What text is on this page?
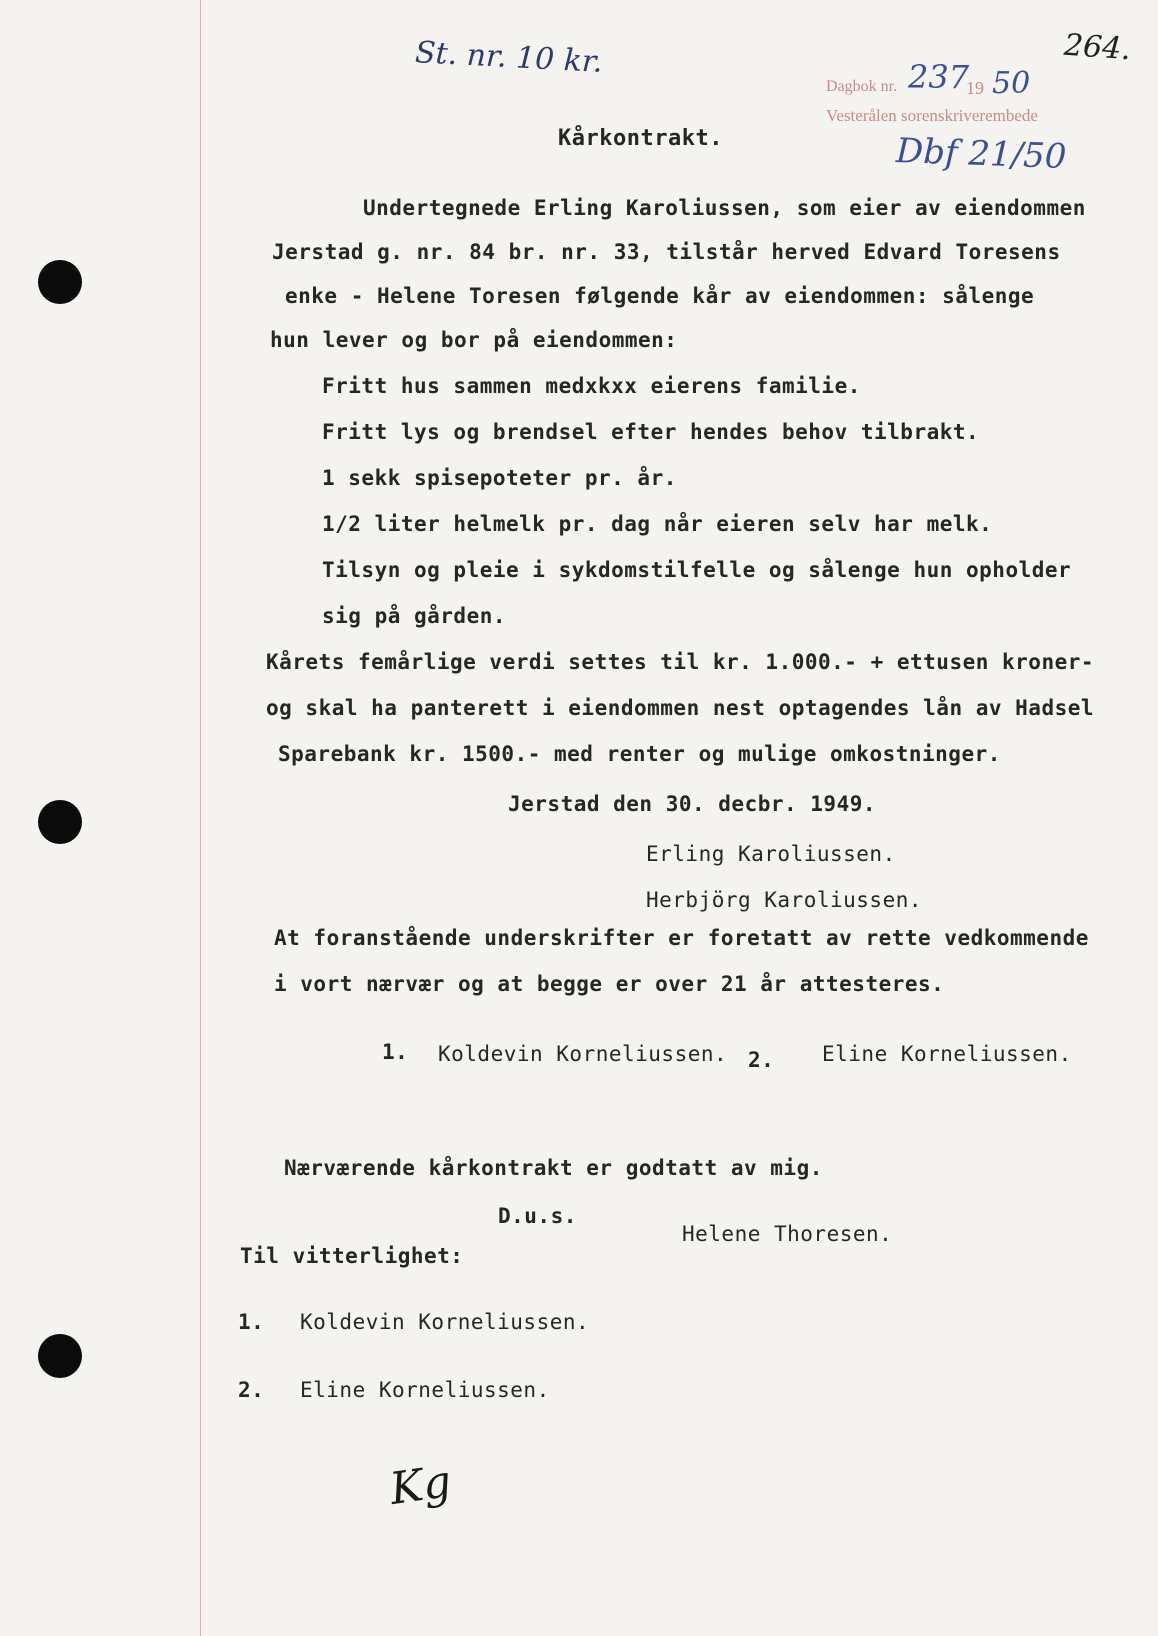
St. nr. 10 kr.	264.
Dagbok nr. 237
19 50
Vesterålen sorenskriverembede
Dbf 21/50
Kårkontrakt.
Undertegnede Erling Karoliussen, som eier av eiendommen
Jerstad g. nr. 84 br. nr. 33, tilstår herved Edvard Toresens
enke - Helene Toresen følgende kår av eiendommen: sålenge
hun lever og bor på eiendommen:
Fritt hus sammen medxkxx eierens familie.
Fritt lys og brendsel efter hendes behov tilbrakt.
1 sekk spisepoteter pr. år.
1/2 liter helmelk pr. dag når eieren selv har melk.
Tilsyn og pleie i sykdomstilfelle og sålenge hun opholder
sig på gården.
Kårets femårlige verdi settes til kr. 1.000.- + ettusen kroner-
og skal ha panterett i eiendommen nest optagendes lån av Hadsel
Sparebank kr. 1500.- med renter og mulige omkostninger.
Jerstad den 30. decbr. 1949.
Erling Karoliussen.
Herbjörg Karoliussen.
At foranstående underskrifter er foretatt av rette vedkommende
i vort nærvær og at begge er over 21 år attesteres.
1. Koldevin Korneliussen. 2. Eline Korneliussen.
Nærværende kårkontrakt er godtatt av mig.
D.u.s.
Helene Thoresen.
Til vitterlighet:
1. Koldevin Korneliussen.
2. Eline Korneliussen.
Kg
